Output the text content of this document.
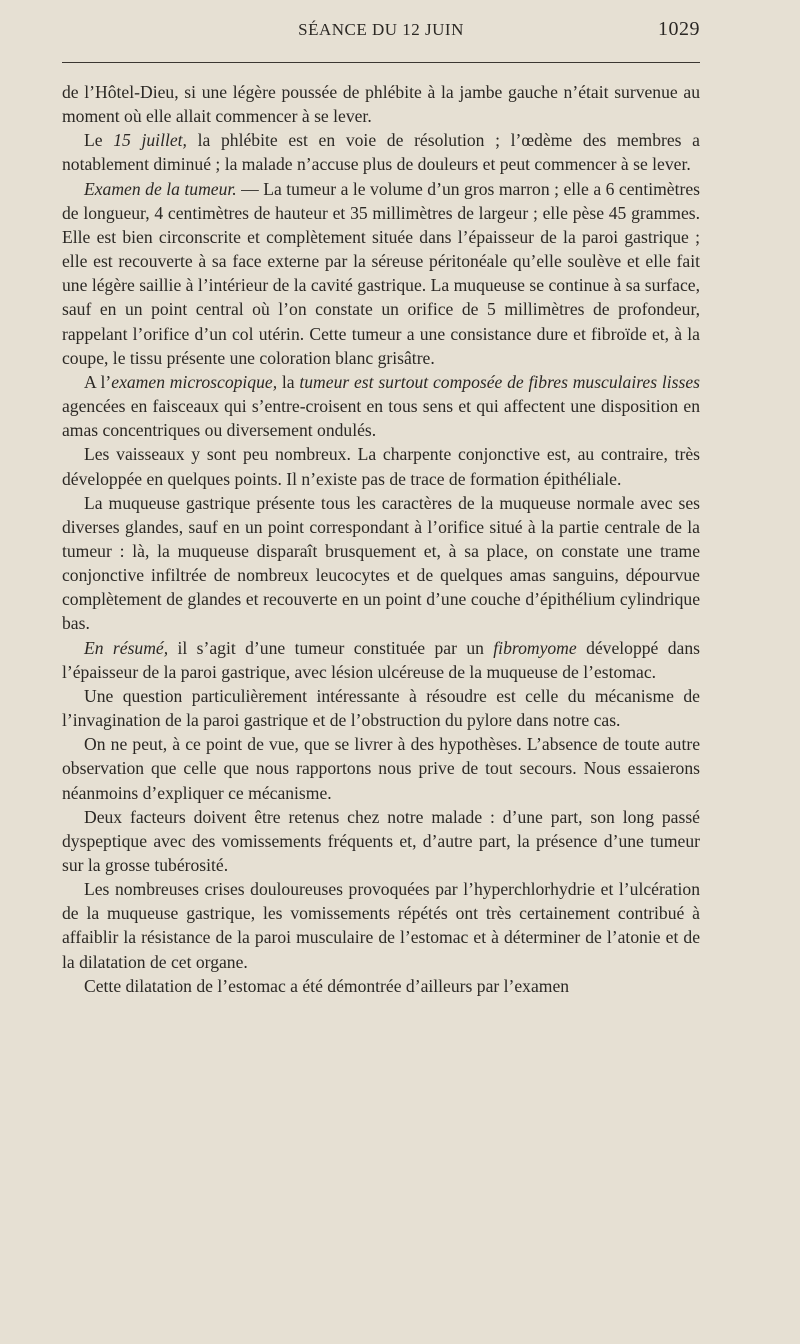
SÉANCE DU 12 JUIN	1029

de l’Hôtel-Dieu, si une légère poussée de phlébite à la jambe gauche n’était survenue au moment où elle allait commencer à se lever.

Le 15 juillet, la phlébite est en voie de résolution ; l’œdème des membres a notablement diminué ; la malade n’accuse plus de douleurs et peut commencer à se lever.

Examen de la tumeur. — La tumeur a le volume d’un gros marron ; elle a 6 centimètres de longueur, 4 centimètres de hauteur et 35 millimètres de largeur ; elle pèse 45 grammes. Elle est bien circonscrite et complètement située dans l’épaisseur de la paroi gastrique ; elle est recouverte à sa face externe par la séreuse péritonéale qu’elle soulève et elle fait une légère saillie à l’intérieur de la cavité gastrique. La muqueuse se continue à sa surface, sauf en un point central où l’on constate un orifice de 5 millimètres de profondeur, rappelant l’orifice d’un col utérin. Cette tumeur a une consistance dure et fibroïde et, à la coupe, le tissu présente une coloration blanc grisâtre.

A l’examen microscopique, la tumeur est surtout composée de fibres musculaires lisses agencées en faisceaux qui s’entre-croisent en tous sens et qui affectent une disposition en amas concentriques ou diversement ondulés.

Les vaisseaux y sont peu nombreux. La charpente conjonctive est, au contraire, très développée en quelques points. Il n’existe pas de trace de formation épithéliale.

La muqueuse gastrique présente tous les caractères de la muqueuse normale avec ses diverses glandes, sauf en un point correspondant à l’orifice situé à la partie centrale de la tumeur : là, la muqueuse disparaît brusquement et, à sa place, on constate une trame conjonctive infiltrée de nombreux leucocytes et de quelques amas sanguins, dépourvue complètement de glandes et recouverte en un point d’une couche d’épithélium cylindrique bas.

En résumé, il s’agit d’une tumeur constituée par un fibromyome développé dans l’épaisseur de la paroi gastrique, avec lésion ulcéreuse de la muqueuse de l’estomac.

Une question particulièrement intéressante à résoudre est celle du mécanisme de l’invagination de la paroi gastrique et de l’obstruction du pylore dans notre cas.

On ne peut, à ce point de vue, que se livrer à des hypothèses. L’absence de toute autre observation que celle que nous rapportons nous prive de tout secours. Nous essaierons néanmoins d’expliquer ce mécanisme.

Deux facteurs doivent être retenus chez notre malade : d’une part, son long passé dyspeptique avec des vomissements fréquents et, d’autre part, la présence d’une tumeur sur la grosse tubérosité.

Les nombreuses crises douloureuses provoquées par l’hyperchlorhydrie et l’ulcération de la muqueuse gastrique, les vomissements répétés ont très certainement contribué à affaiblir la résistance de la paroi musculaire de l’estomac et à déterminer de l’atonie et de la dilatation de cet organe.

Cette dilatation de l’estomac a été démontrée d’ailleurs par l’examen
